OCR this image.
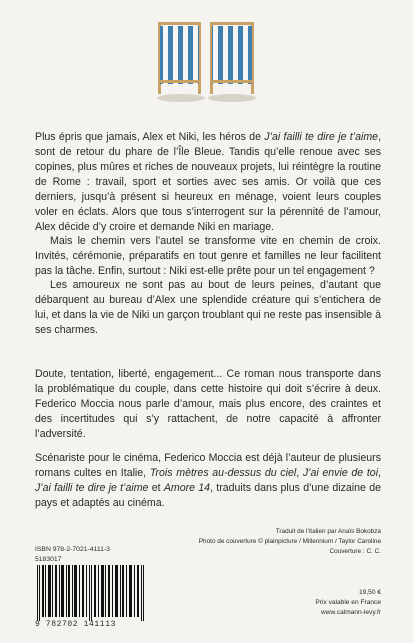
Plus épris que jamais, Alex et Niki, les héros de J’ai failli te dire je t’aime, sont de retour du phare de l’Île Bleue. Tandis qu’elle renoue avec ses copines, plus mûres et riches de nouveaux projets, lui réintègre la routine de Rome : travail, sport et sorties avec ses amis. Or voilà que ces derniers, jusqu’à présent si heureux en ménage, voient leurs couples voler en éclats. Alors que tous s’interrogent sur la pérennité de l’amour, Alex décide d’y croire et demande Niki en mariage.

Mais le chemin vers l’autel se transforme vite en chemin de croix. Invités, cérémonie, préparatifs en tout genre et familles ne leur facilitent pas la tâche. Enfin, surtout : Niki est-elle prête pour un tel engagement ?

Les amoureux ne sont pas au bout de leurs peines, d’autant que débarquent au bureau d’Alex une splendide créature qui s’entichera de lui, et dans la vie de Niki un garçon troublant qui ne reste pas insensible à ses charmes.

Doute, tentation, liberté, engagement... Ce roman nous transporte dans la problématique du couple, dans cette histoire qui doit s’écrire à deux. Federico Moccia nous parle d’amour, mais plus encore, des craintes et des incertitudes qui s’y rattachent, de notre capacité à affronter l’adversité.

Scénariste pour le cinéma, Federico Moccia est déjà l’auteur de plusieurs romans cultes en Italie, Trois mètres au-dessus du ciel, J’ai envie de toi, J’ai failli te dire je t’aime et Amore 14, traduits dans plus d’une dizaine de pays et adaptés au cinéma.

Traduit de l’italien par Anaïs Bokobza
Photo de couverture © plainpicture / Millennium / Taylor Caroline
Couverture : C. C.
ISBN 978-2-7021-4111-3
5183017
9 782702 141113
19,50 €
Prix valable en France
www.calmann-levy.fr
